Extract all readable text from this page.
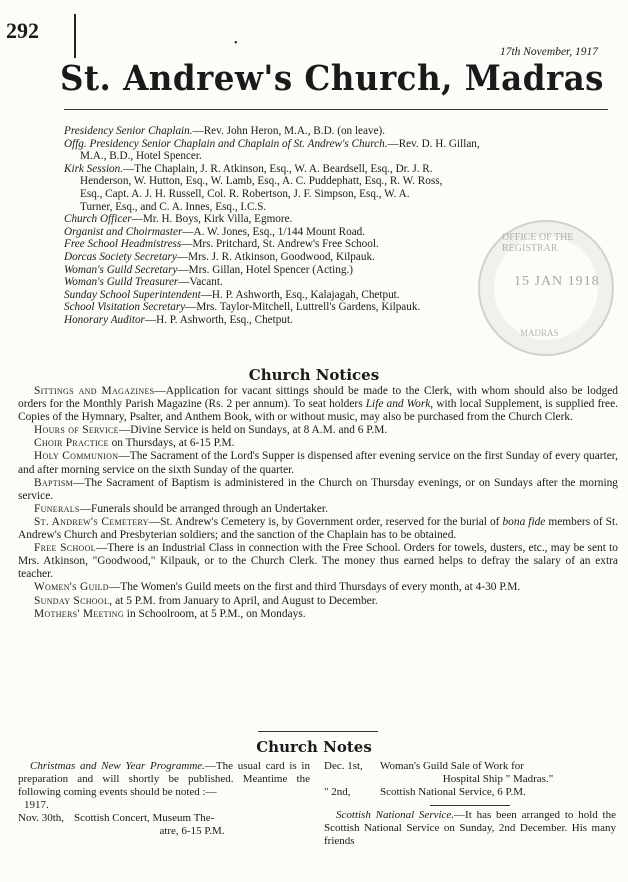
292
•
17th November, 1917
St. Andrew's Church, Madras

Presidency Senior Chaplain.—Rev. John Heron, M.A., B.D. (on leave).

Offg. Presidency Senior Chaplain and Chaplain of St. Andrew's Church.—Rev. D. H. Gillan,

M.A., B.D., Hotel Spencer.

Kirk Session.—The Chaplain, J. R. Atkinson, Esq., W. A. Beardsell, Esq., Dr. J. R.

Henderson, W. Hutton, Esq., W. Lamb, Esq., A. C. Puddephatt, Esq., R. W. Ross,

Esq., Capt. A. J. H. Russell, Col. R. Robertson, J. F. Simpson, Esq., W. A.

Turner, Esq., and C. A. Innes, Esq., I.C.S.

Church Officer—Mr. H. Boys, Kirk Villa, Egmore.

Organist and Choirmaster—A. W. Jones, Esq., 1/144 Mount Road.

Free School Headmistress—Mrs. Pritchard, St. Andrew's Free School.

Dorcas Society Secretary—Mrs. J. R. Atkinson, Goodwood, Kilpauk.

Woman's Guild Secretary—Mrs. Gillan, Hotel Spencer (Acting.)

Woman's Guild Treasurer—Vacant.

Sunday School Superintendent—H. P. Ashworth, Esq., Kalajagah, Chetput.

School Visitation Secretary—Mrs. Taylor-Mitchell, Luttrell's Gardens, Kilpauk.

Honorary Auditor—H. P. Ashworth, Esq., Chetput.

OFFICE OF THE REGISTRAR
15 JAN 1918
MADRAS
Church Notices

Sittings and Magazines—Application for vacant sittings should be made to the Clerk, with whom should also be lodged orders for the Monthly Parish Magazine (Rs. 2 per annum). To seat holders Life and Work, with local Supplement, is supplied free. Copies of the Hymnary, Psalter, and Anthem Book, with or without music, may also be purchased from the Church Clerk.

Hours of Service—Divine Service is held on Sundays, at 8 A.M. and 6 P.M.

Choir Practice on Thursdays, at 6-15 P.M.

Holy Communion—The Sacrament of the Lord's Supper is dispensed after evening service on the first Sunday of every quarter, and after morning service on the sixth Sunday of the quarter.

Baptism—The Sacrament of Baptism is administered in the Church on Thursday evenings, or on Sundays after the morning service.

Funerals—Funerals should be arranged through an Undertaker.

St. Andrew's Cemetery—St. Andrew's Cemetery is, by Government order, reserved for the burial of bona fide members of St. Andrew's Church and Presbyterian soldiers; and the sanction of the Chaplain has to be obtained.

Free School—There is an Industrial Class in connection with the Free School. Orders for towels, dusters, etc., may be sent to Mrs. Atkinson, "Goodwood," Kilpauk, or to the Church Clerk. The money thus earned helps to defray the salary of an extra teacher.

Women's Guild—The Women's Guild meets on the first and third Thursdays of every month, at 4-30 P.M.

Sunday School, at 5 P.M. from January to April, and August to December.

Mothers' Meeting in Schoolroom, at 5 P.M., on Mondays.

Church Notes

Christmas and New Year Programme.—The usual card is in preparation and will shortly be published. Meantime the following coming events should be noted :—

1917.

Nov. 30th, Scottish Concert, Museum The-

atre, 6-15 P.M.

Dec. 1st,	Woman's Guild Sale of Work for

Hospital Ship " Madras."

" 2nd,	Scottish National Service, 6 P.M.

Scottish National Service.—It has been arranged to hold the Scottish National Service on Sunday, 2nd December. His many friends
